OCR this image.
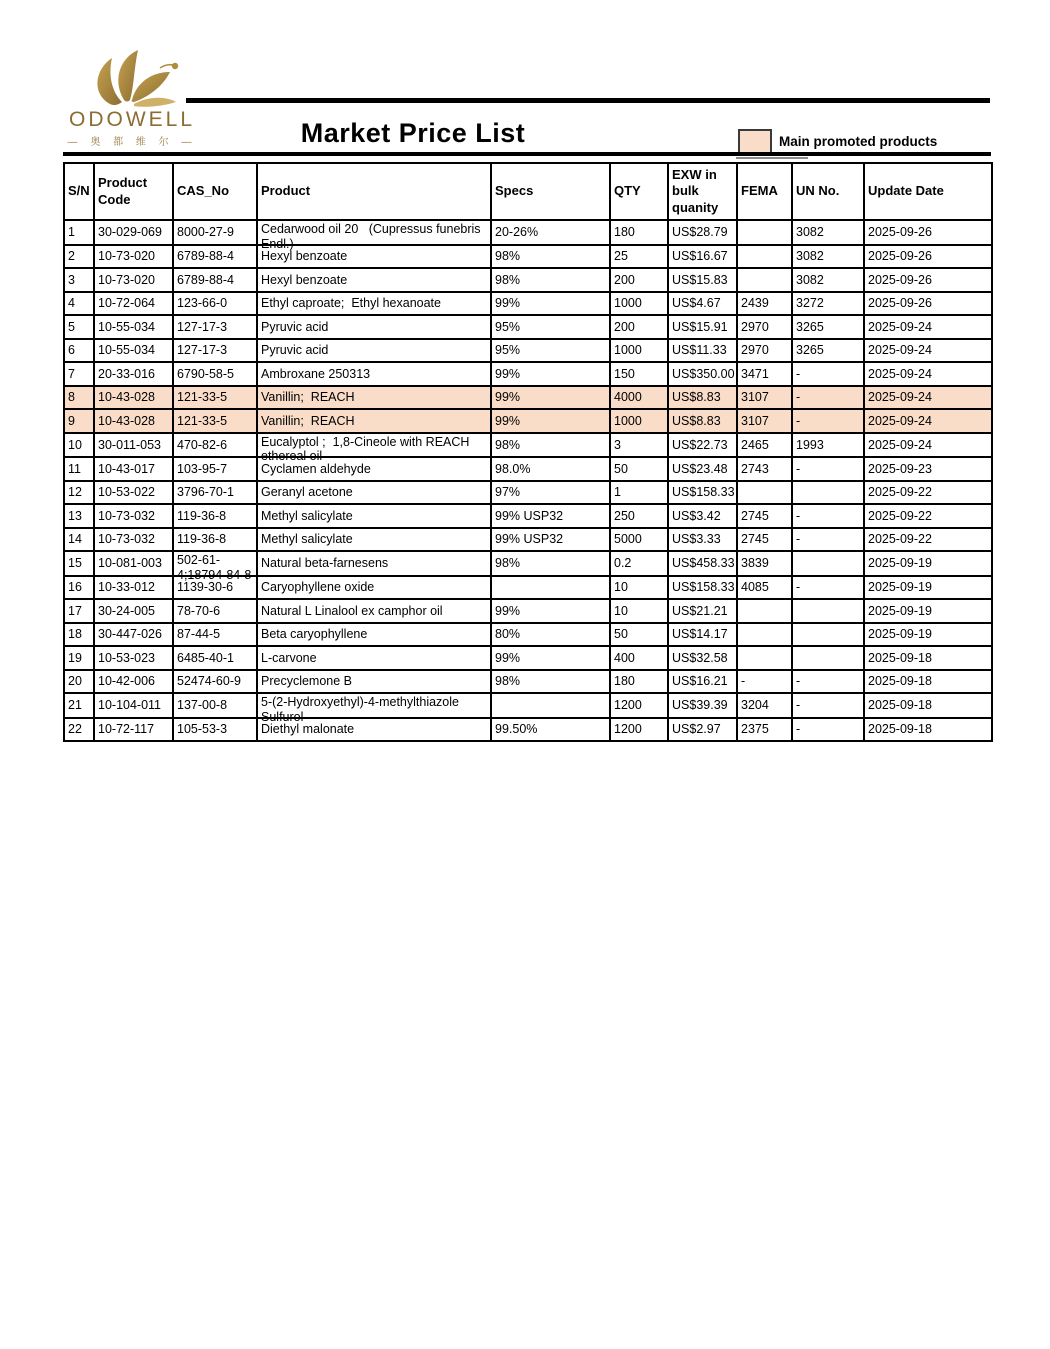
ODOWELL
— 奥 都 维 尔 —	Market Price List	Main promoted products
S/N	Product Code	CAS_No	Product	Specs	QTY	EXW in bulk quanity	FEMA	UN No.	Update Date
1	30-029-069	8000-27-9	Cedarwood oil 20   (Cupressus funebris
Endl.)	20-26%	180	US$28.79		3082	2025-09-26
2	10-73-020	6789-88-4	Hexyl benzoate	98%	25	US$16.67		3082	2025-09-26
3	10-73-020	6789-88-4	Hexyl benzoate	98%	200	US$15.83		3082	2025-09-26
4	10-72-064	123-66-0	Ethyl caproate;  Ethyl hexanoate	99%	1000	US$4.67	2439	3272	2025-09-26
5	10-55-034	127-17-3	Pyruvic acid	95%	200	US$15.91	2970	3265	2025-09-24
6	10-55-034	127-17-3	Pyruvic acid	95%	1000	US$11.33	2970	3265	2025-09-24
7	20-33-016	6790-58-5	Ambroxane 250313	99%	150	US$350.00	3471	-	2025-09-24
8	10-43-028	121-33-5	Vanillin;  REACH	99%	4000	US$8.83	3107	-	2025-09-24
9	10-43-028	121-33-5	Vanillin;  REACH	99%	1000	US$8.83	3107	-	2025-09-24
10	30-011-053	470-82-6	Eucalyptol ;  1,8-Cineole with REACH
ethereal oil	98%	3	US$22.73	2465	1993	2025-09-24
11	10-43-017	103-95-7	Cyclamen aldehyde	98.0%	50	US$23.48	2743	-	2025-09-23
12	10-53-022	3796-70-1	Geranyl acetone	97%	1	US$158.33			2025-09-22
13	10-73-032	119-36-8	Methyl salicylate	99% USP32	250	US$3.42	2745	-	2025-09-22
14	10-73-032	119-36-8	Methyl salicylate	99% USP32	5000	US$3.33	2745	-	2025-09-22
15	10-081-003	502-61-
4;18794-84-8	Natural beta-farnesens	98%	0.2	US$458.33	3839		2025-09-19
16	10-33-012	1139-30-6	Caryophyllene oxide		10	US$158.33	4085	-	2025-09-19
17	30-24-005	78-70-6	Natural L Linalool ex camphor oil	99%	10	US$21.21			2025-09-19
18	30-447-026	87-44-5	Beta caryophyllene	80%	50	US$14.17			2025-09-19
19	10-53-023	6485-40-1	L-carvone	99%	400	US$32.58			2025-09-18
20	10-42-006	52474-60-9	Precyclemone B	98%	180	US$16.21	-	-	2025-09-18
21	10-104-011	137-00-8	5-(2-Hydroxyethyl)-4-methylthiazole
Sulfurol		1200	US$39.39	3204	-	2025-09-18
22	10-72-117	105-53-3	Diethyl malonate	99.50%	1200	US$2.97	2375	-	2025-09-18
